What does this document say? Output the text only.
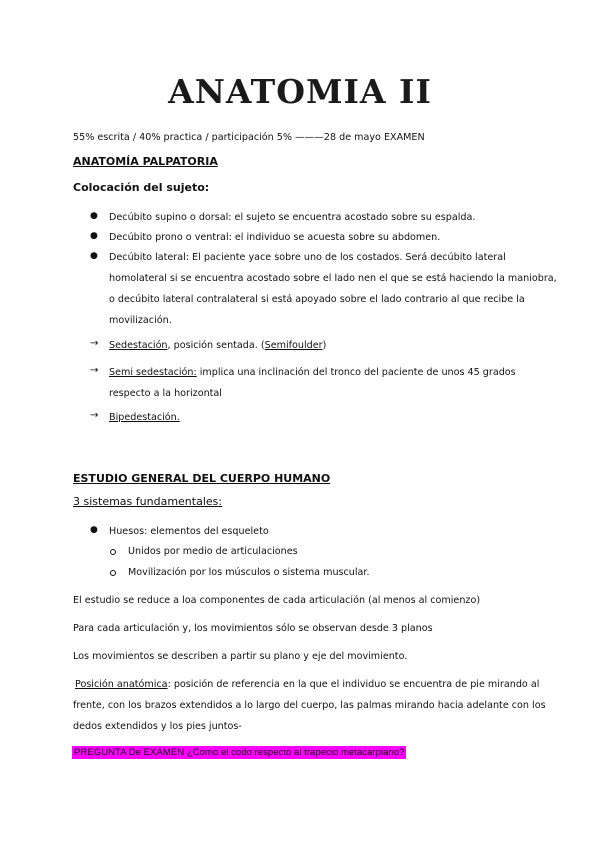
ANATOMIA II
55% escrita / 40% practica / participación 5% ———28 de mayo EXAMEN
ANATOMÍA PALPATORIA
Colocación del sujeto:
● Decúbito supino o dorsal: el sujeto se encuentra acostado sobre su espalda.
● Decúbito prono o ventral: el individuo se acuesta sobre su abdomen.
● Decúbito lateral: El paciente yace sobre uno de los costados. Será decúbito lateral
homolateral si se encuentra acostado sobre el lado nen el que se está haciendo la maniobra,
o decúbito lateral contralateral si está apoyado sobre el lado contrario al que recibe la
movilización.
→ Sedestación, posición sentada. (Semifoulder)
→ Semi sedestación: implica una inclinación del tronco del paciente de unos 45 grados
respecto a la horizontal
→ Bipedestación.
ESTUDIO GENERAL DEL CUERPO HUMANO
3 sistemas fundamentales:
● Huesos: elementos del esqueleto
Unidos por medio de articulaciones
Movilización por los músculos o sistema muscular.
El estudio se reduce a loa componentes de cada articulación (al menos al comienzo)
Para cada articulación y, los movimientos sólo se observan desde 3 planos
Los movimientos se describen a partir su plano y eje del movimiento.
Posición anatómica: posición de referencia en la que el individuo se encuentra de pie mirando al
frente, con los brazos extendidos a lo largo del cuerpo, las palmas mirando hacia adelante con los
dedos extendidos y los pies juntos-
PREGUNTA De EXAMEN ¿Como el codo respecto al trapecio metacarpiano?
